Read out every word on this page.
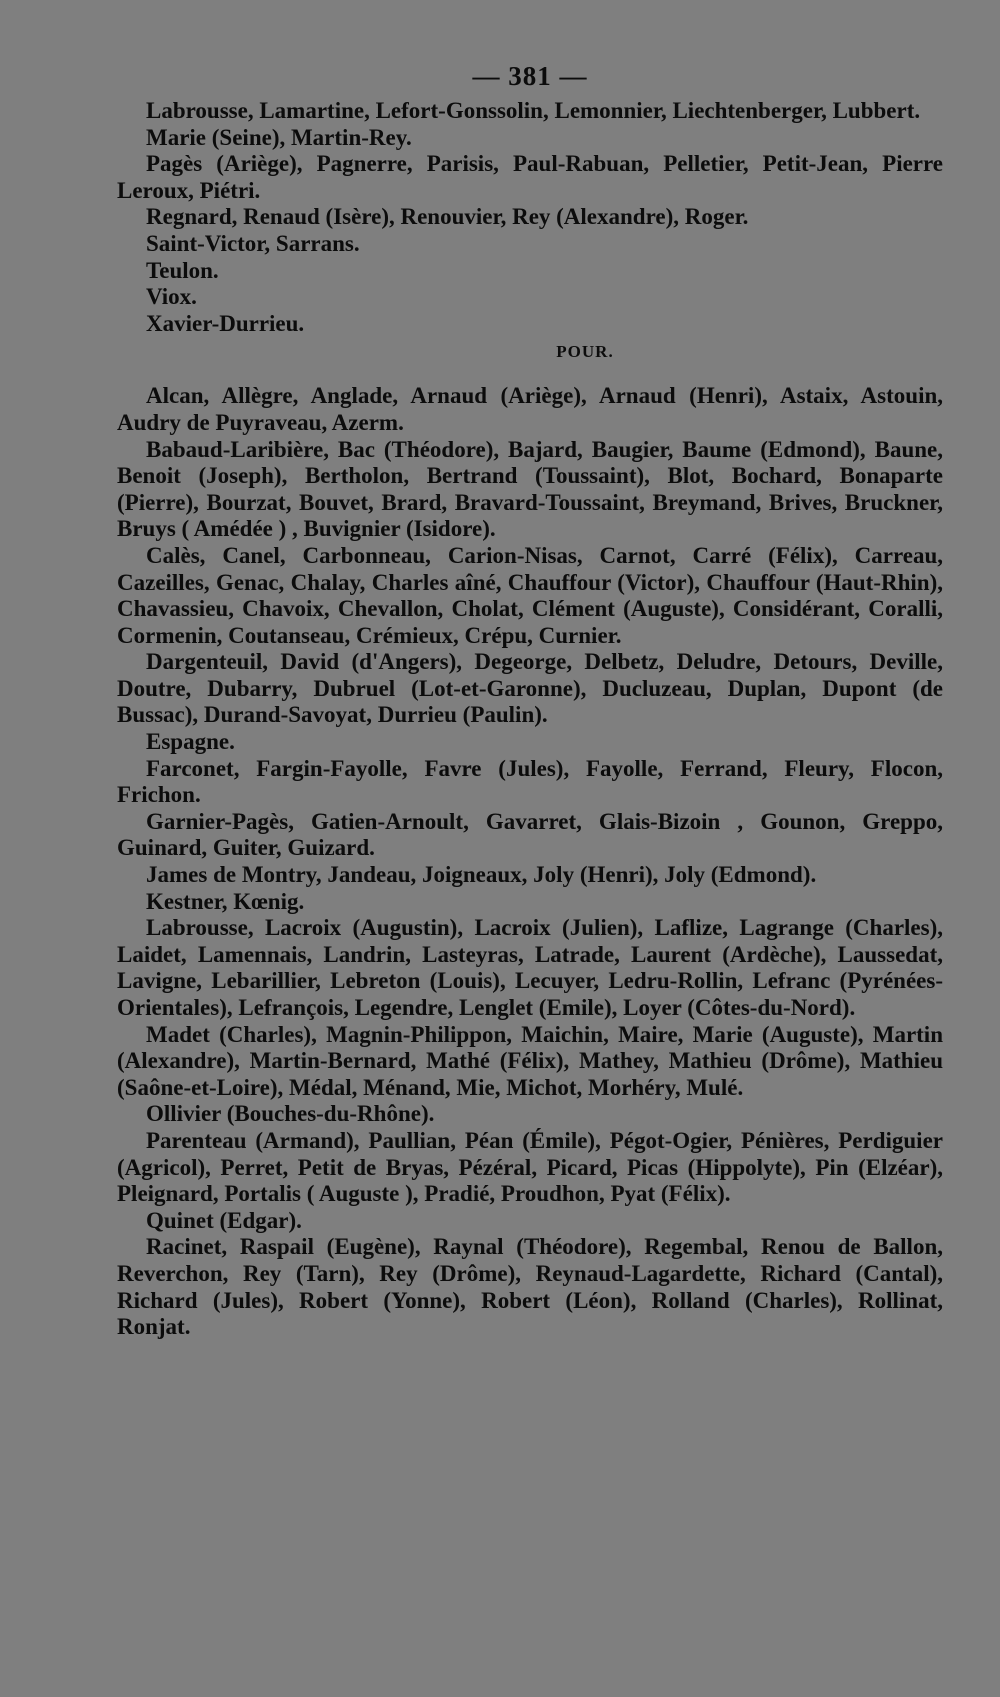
— 381 —

Labrousse, Lamartine, Lefort-Gonssolin, Lemonnier, Liechtenberger, Lubbert.

Marie (Seine), Martin-Rey.

Pagès (Ariège), Pagnerre, Parisis, Paul-Rabuan, Pelletier, Petit-Jean, Pierre Leroux, Piétri.

Regnard, Renaud (Isère), Renouvier, Rey (Alexandre), Roger.

Saint-Victor, Sarrans.

Teulon.

Viox.

Xavier-Durrieu.

POUR.

Alcan, Allègre, Anglade, Arnaud (Ariège), Arnaud (Henri), Astaix, Astouin, Audry de Puyraveau, Azerm.

Babaud-Laribière, Bac (Théodore), Bajard, Baugier, Baume (Edmond), Baune, Benoit (Joseph), Bertholon, Bertrand (Toussaint), Blot, Bochard, Bonaparte (Pierre), Bourzat, Bouvet, Brard, Bravard-Toussaint, Breymand, Brives, Bruckner, Bruys ( Amédée ) , Buvignier (Isidore).

Calès, Canel, Carbonneau, Carion-Nisas, Carnot, Carré (Félix), Carreau, Cazeilles, Genac, Chalay, Charles aîné, Chauffour (Victor), Chauffour (Haut-Rhin), Chavassieu, Chavoix, Chevallon, Cholat, Clément (Auguste), Considérant, Coralli, Cormenin, Coutanseau, Crémieux, Crépu, Curnier.

Dargenteuil, David (d'Angers), Degeorge, Delbetz, Deludre, Detours, Deville, Doutre, Dubarry, Dubruel (Lot-et-Garonne), Ducluzeau, Duplan, Dupont (de Bussac), Durand-Savoyat, Durrieu (Paulin).

Espagne.

Farconet, Fargin-Fayolle, Favre (Jules), Fayolle, Ferrand, Fleury, Flocon, Frichon.

Garnier-Pagès, Gatien-Arnoult, Gavarret, Glais-Bizoin , Gounon, Greppo, Guinard, Guiter, Guizard.

James de Montry, Jandeau, Joigneaux, Joly (Henri), Joly (Edmond).

Kestner, Kœnig.

Labrousse, Lacroix (Augustin), Lacroix (Julien), Laflize, Lagrange (Charles), Laidet, Lamennais, Landrin, Lasteyras, Latrade, Laurent (Ardèche), Laussedat, Lavigne, Lebarillier, Lebreton (Louis), Lecuyer, Ledru-Rollin, Lefranc (Pyrénées-Orientales), Lefrançois, Legendre, Lenglet (Emile), Loyer (Côtes-du-Nord).

Madet (Charles), Magnin-Philippon, Maichin, Maire, Marie (Auguste), Martin (Alexandre), Martin-Bernard, Mathé (Félix), Mathey, Mathieu (Drôme), Mathieu (Saône-et-Loire), Médal, Ménand, Mie, Michot, Morhéry, Mulé.

Ollivier (Bouches-du-Rhône).

Parenteau (Armand), Paullian, Péan (Émile), Pégot-Ogier, Pénières, Perdiguier (Agricol), Perret, Petit de Bryas, Pézéral, Picard, Picas (Hippolyte), Pin (Elzéar), Pleignard, Portalis ( Auguste ), Pradié, Proudhon, Pyat (Félix).

Quinet (Edgar).

Racinet, Raspail (Eugène), Raynal (Théodore), Regembal, Renou de Ballon, Reverchon, Rey (Tarn), Rey (Drôme), Reynaud-Lagardette, Richard (Cantal), Richard (Jules), Robert (Yonne), Robert (Léon), Rolland (Charles), Rollinat, Ronjat.
